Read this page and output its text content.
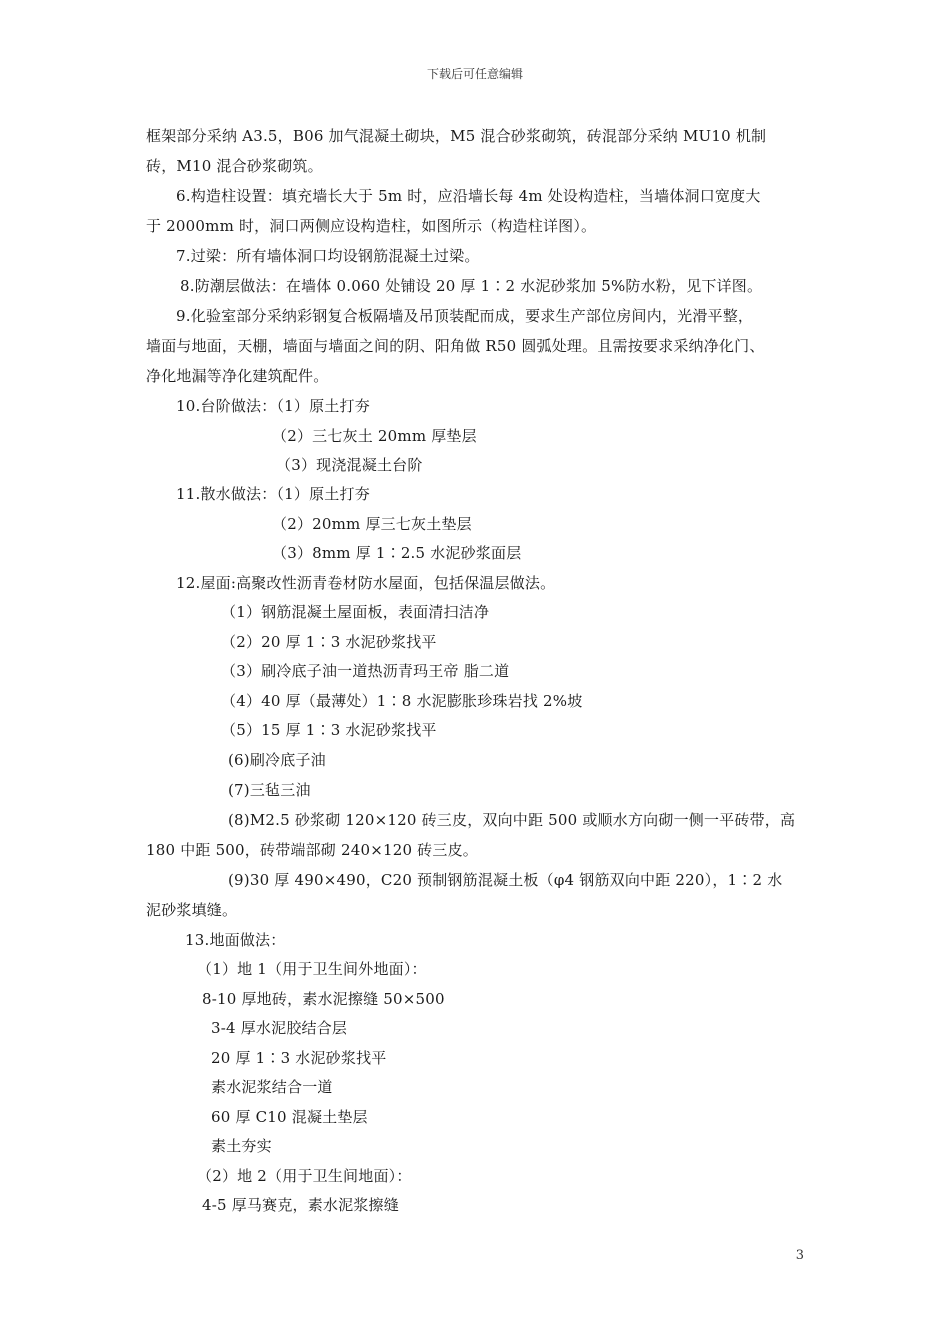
下载后可任意编辑
框架部分采纳 A3.5，B06 加气混凝土砌块，M5 混合砂浆砌筑，砖混部分采纳 MU10 机制
砖，M10 混合砂浆砌筑。
6.构造柱设置：填充墙长大于 5m 时，应沿墙长每 4m 处设构造柱，当墙体洞口宽度大
于 2000mm 时，洞口两侧应设构造柱，如图所示（构造柱详图）。
7.过梁：所有墙体洞口均设钢筋混凝土过梁。
8.防潮层做法：在墙体 0.060 处铺设 20 厚 1∶2 水泥砂浆加 5%防水粉，见下详图。
9.化验室部分采纳彩钢复合板隔墙及吊顶装配而成，要求生产部位房间内，光滑平整，
墙面与地面，天棚，墙面与墙面之间的阴、阳角做 R50 圆弧处理。且需按要求采纳净化门、
净化地漏等净化建筑配件。
10.台阶做法：（1）原土打夯
（2）三七灰土 20mm 厚垫层
（3）现浇混凝土台阶
11.散水做法：（1）原土打夯
（2）20mm 厚三七灰土垫层
（3）8mm 厚 1∶2.5 水泥砂浆面层
12.屋面:高聚改性沥青卷材防水屋面，包括保温层做法。
（1）钢筋混凝土屋面板，表面清扫洁净
（2）20 厚 1∶3 水泥砂浆找平
（3）刷冷底子油一道热沥青玛王帝 脂二道
（4）40 厚（最薄处）1∶8 水泥膨胀珍珠岩找 2%坡
（5）15 厚 1∶3 水泥砂浆找平
(6)刷冷底子油
(7)三毡三油
(8)M2.5 砂浆砌 120×120 砖三皮，双向中距 500 或顺水方向砌一侧一平砖带，高
180 中距 500，砖带端部砌 240×120 砖三皮。
(9)30 厚 490×490，C20 预制钢筋混凝土板（φ4 钢筋双向中距 220），1∶2 水
泥砂浆填缝。
13.地面做法：
（1）地 1（用于卫生间外地面）：
8-10 厚地砖，素水泥擦缝 50×500
3-4 厚水泥胶结合层
20 厚 1∶3 水泥砂浆找平
素水泥浆结合一道
60 厚 C10 混凝土垫层
素土夯实
（2）地 2（用于卫生间地面）：
4-5 厚马赛克，素水泥浆擦缝
3
